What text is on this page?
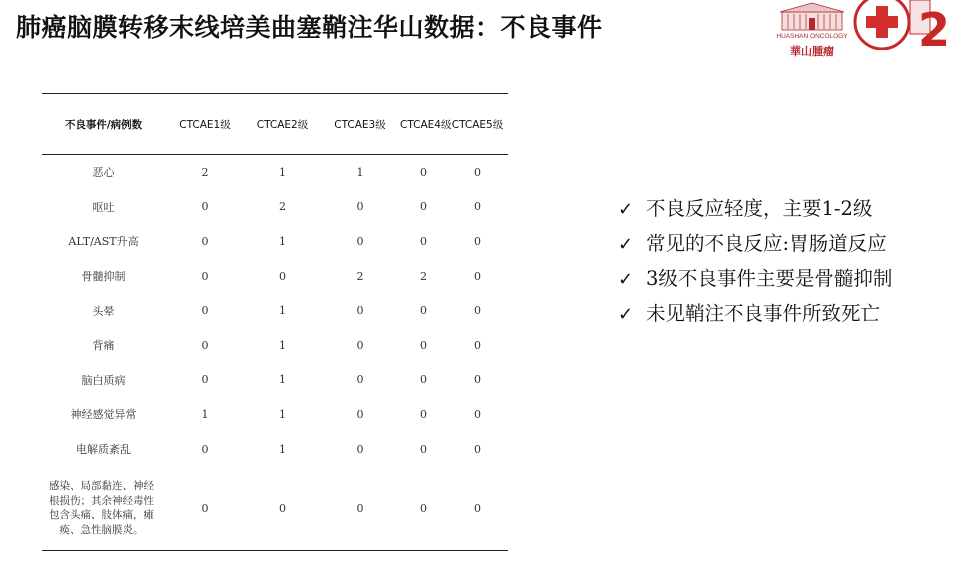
肺癌脑膜转移末线培美曲塞鞘注华山数据：不良事件	HUASHAN ONCOLOGY
華山腫瘤	2
不良事件/病例数	CTCAE1级	CTCAE2级	CTCAE3级	CTCAE4级	CTCAE5级
恶心	2	1	1	0	0
呕吐	0	2	0	0	0
ALT/AST升高	0	1	0	0	0
骨髓抑制	0	0	2	2	0
头晕	0	1	0	0	0
背痛	0	1	0	0	0
脑白质病	0	1	0	0	0
神经感觉异常	1	1	0	0	0
电解质紊乱	0	1	0	0	0
感染、局部黏连、神经根损伤；其余神经毒性包含头痛、肢体痛，瘫痪、急性脑膜炎。	0	0	0	0	0
✓ 不良反应轻度，主要1-2级
✓ 常见的不良反应:胃肠道反应
✓ 3级不良事件主要是骨髓抑制
✓ 未见鞘注不良事件所致死亡
